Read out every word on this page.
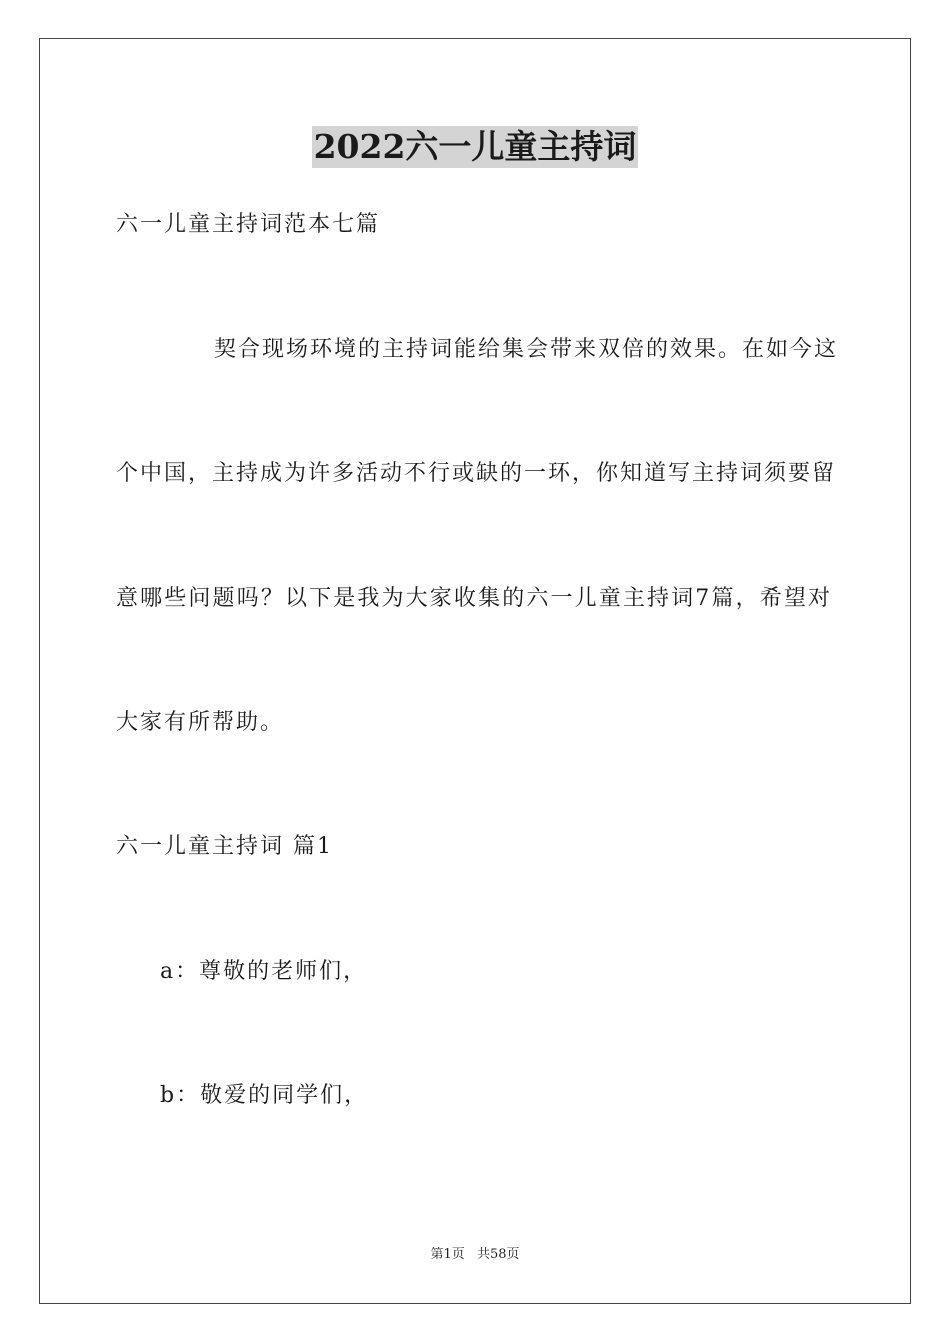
2022六一儿童主持词
六一儿童主持词范本七篇
契合现场环境的主持词能给集会带来双倍的效果。在如今这
个中国，主持成为许多活动不行或缺的一环，你知道写主持词须要留
意哪些问题吗？以下是我为大家收集的六一儿童主持词7篇，希望对
大家有所帮助。
六一儿童主持词 篇1
a：尊敬的老师们，
b：敬爱的同学们，
第1页 共58页
